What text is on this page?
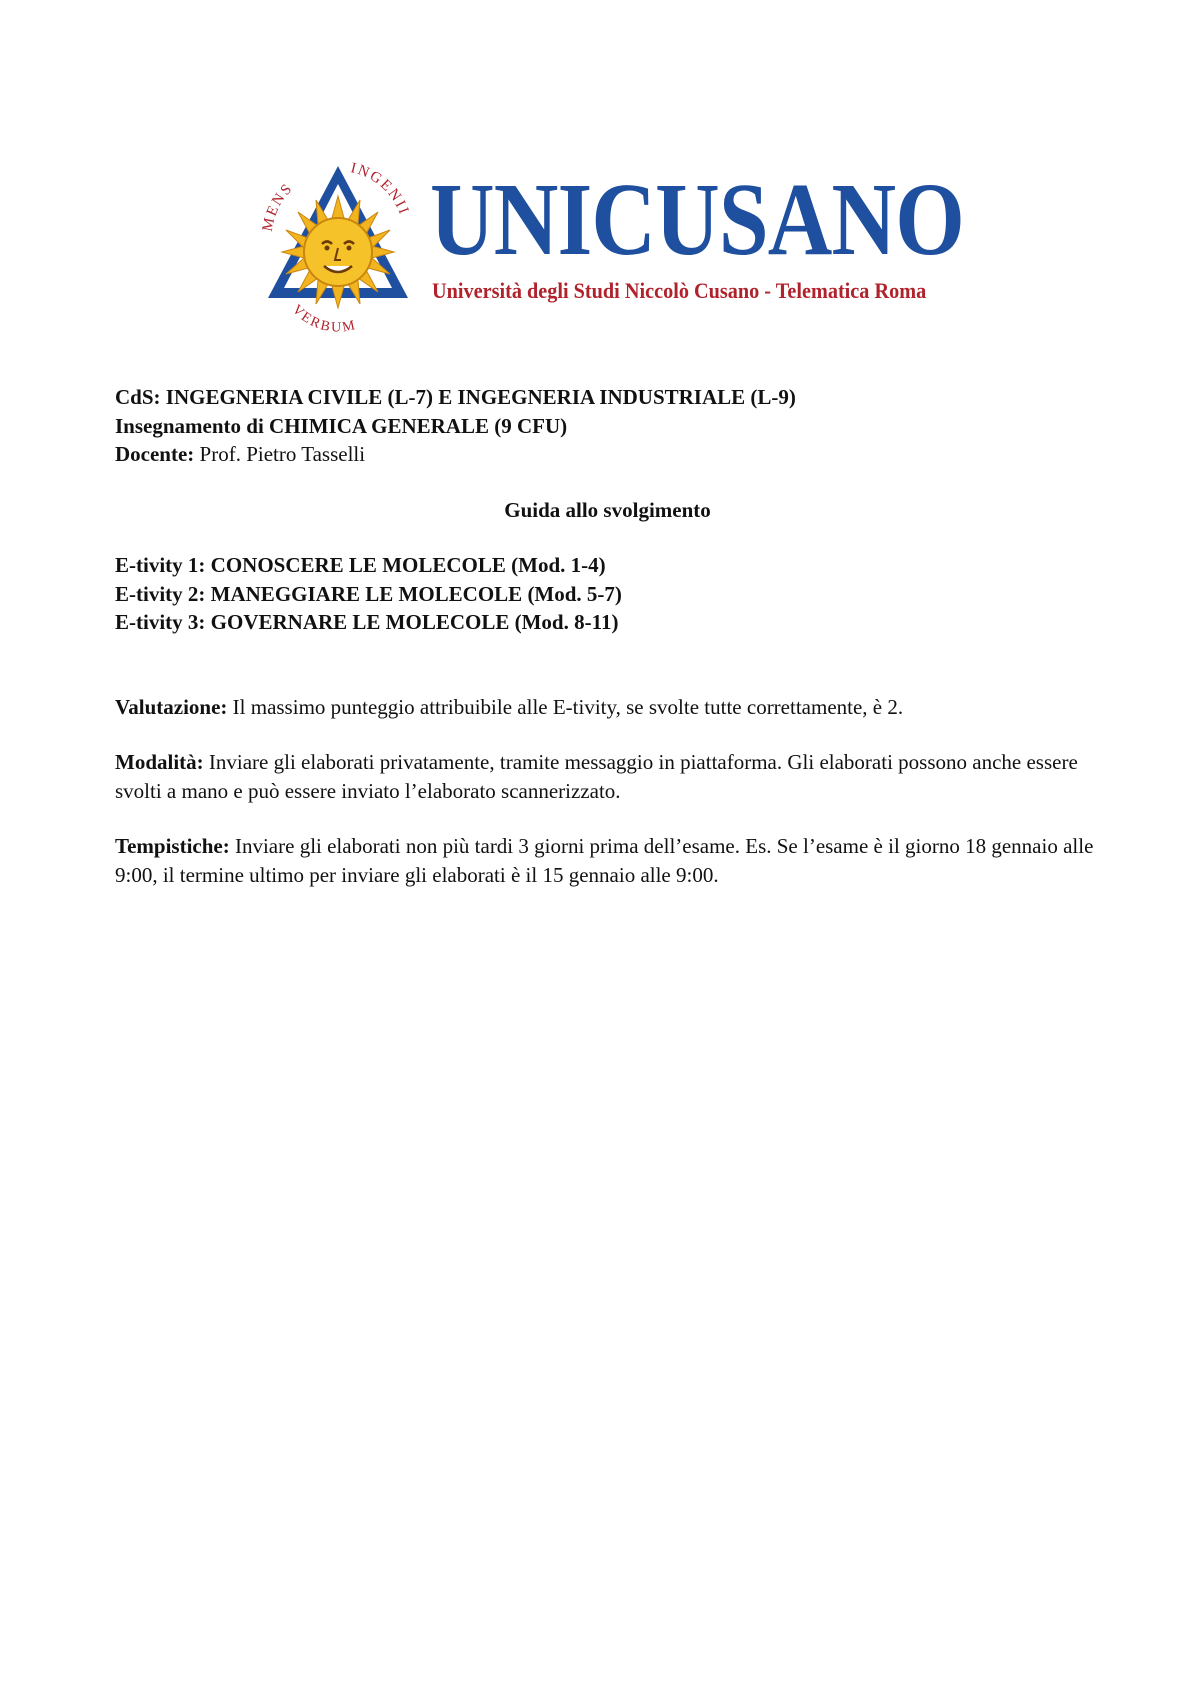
MENS
INGENII
VERBUM
UNICUSANO
Università degli Studi Niccolò Cusano - Telematica Roma

CdS: INGEGNERIA CIVILE (L-7) E INGEGNERIA INDUSTRIALE (L-9)

Insegnamento di CHIMICA GENERALE (9 CFU)

Docente: Prof. Pietro Tasselli

Guida allo svolgimento

E-tivity 1: CONOSCERE LE MOLECOLE (Mod. 1-4)

E-tivity 2: MANEGGIARE LE MOLECOLE (Mod. 5-7)

E-tivity 3: GOVERNARE LE MOLECOLE (Mod. 8-11)

Valutazione: Il massimo punteggio attribuibile alle E-tivity, se svolte tutte correttamente, è 2.

Modalità: Inviare gli elaborati privatamente, tramite messaggio in piattaforma. Gli elaborati possono anche essere svolti a mano e può essere inviato l’elaborato scannerizzato.

Tempistiche: Inviare gli elaborati non più tardi 3 giorni prima dell’esame. Es. Se l’esame è il giorno 18 gennaio alle 9:00, il termine ultimo per inviare gli elaborati è il 15 gennaio alle 9:00.
